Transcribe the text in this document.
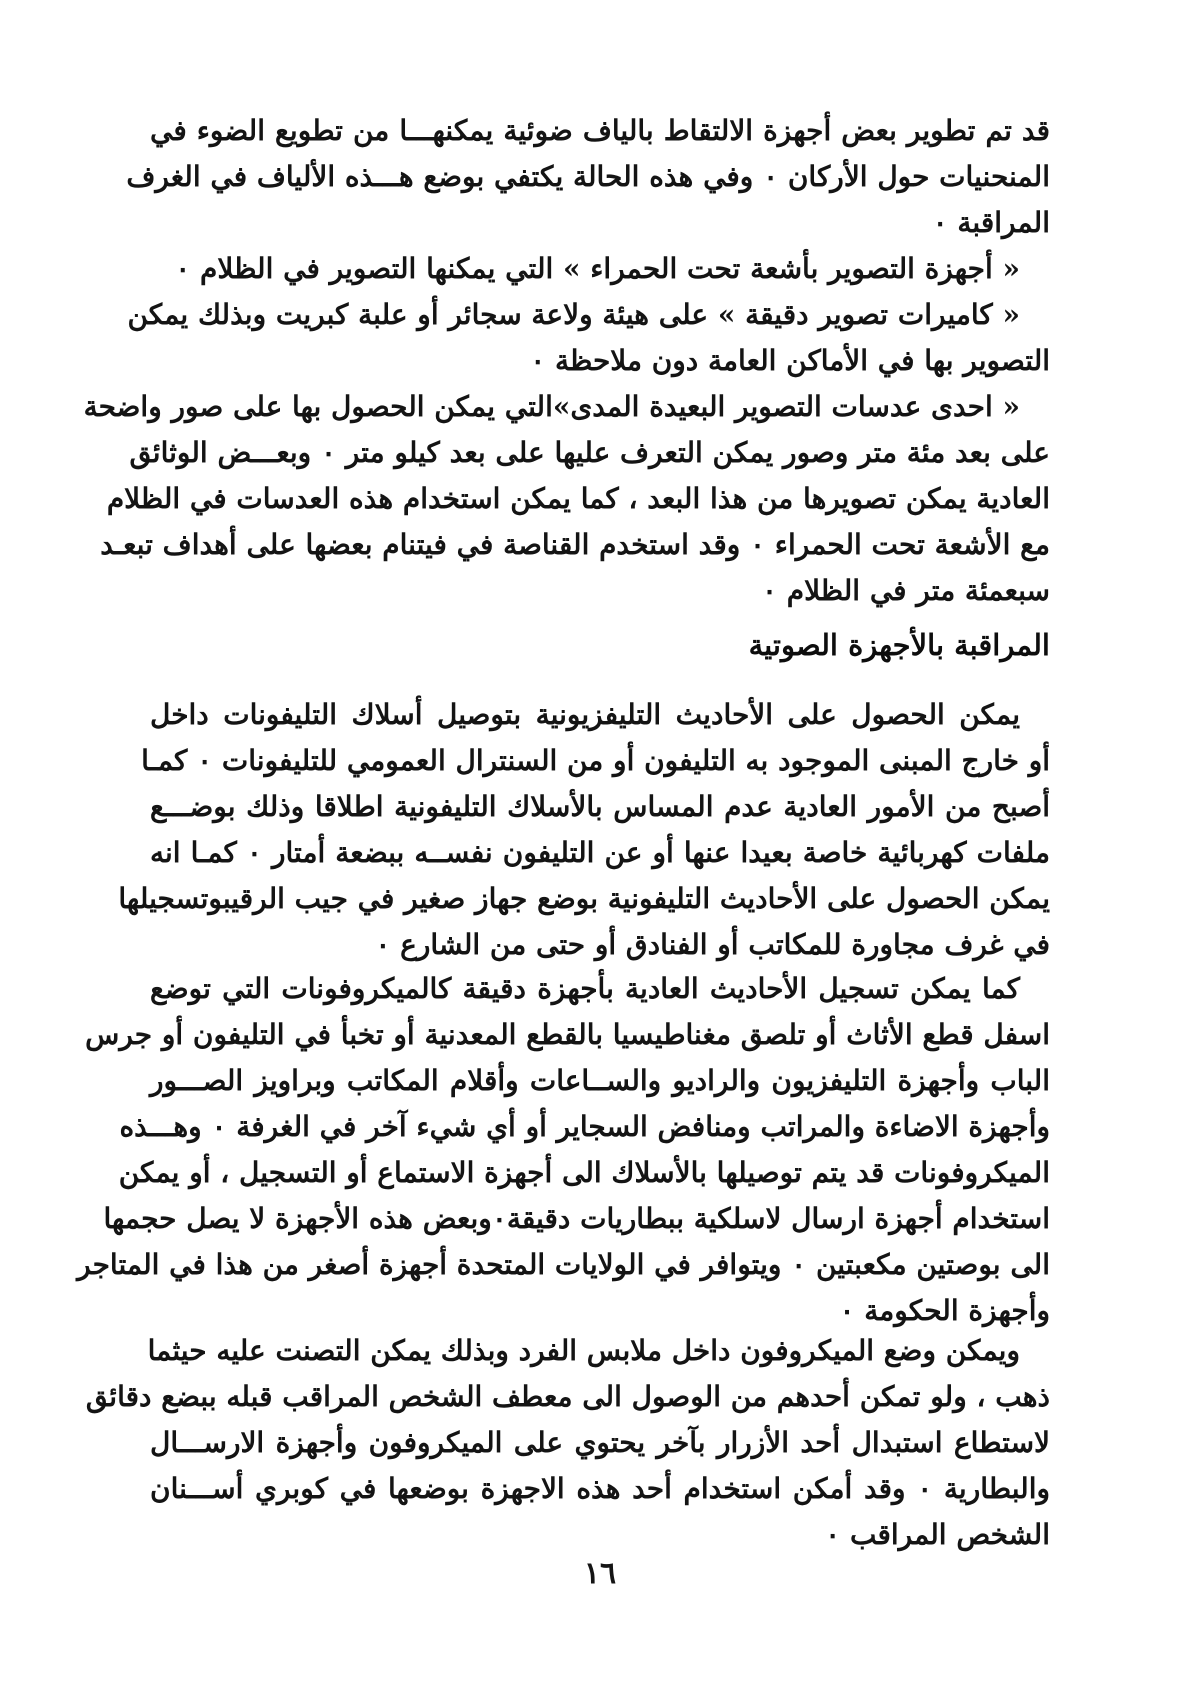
قد تم تطوير بعض أجهزة الالتقاط بالياف ضوئية يمكنهـــا من تطويع الضوء في
المنحنيات حول الأركان ٠ وفي هذه الحالة يكتفي بوضع هـــذه الألياف في الغرف
المراقبة ٠
« أجهزة التصوير بأشعة تحت الحمراء » التي يمكنها التصوير في الظلام ٠
« كاميرات تصوير دقيقة » على هيئة ولاعة سجائر أو علبة كبريت وبذلك يمكن
التصوير بها في الأماكن العامة دون ملاحظة ٠
« احدى عدسات التصوير البعيدة المدى»التي يمكن الحصول بها على صور واضحة
على بعد مئة متر وصور يمكن التعرف عليها على بعد كيلو متر ٠ وبعـــض الوثائق
العادية يمكن تصويرها من هذا البعد ، كما يمكن استخدام هذه العدسات في الظلام
مع الأشعة تحت الحمراء ٠ وقد استخدم القناصة في فيتنام بعضها على أهداف تبعـد
سبعمئة متر في الظلام ٠
المراقبة بالأجهزة الصوتية
يمكن الحصول على الأحاديث التليفزيونية بتوصيل أسلاك التليفونات داخل
أو خارج المبنى الموجود به التليفون أو من السنترال العمومي للتليفونات ٠ كمـا
أصبح من الأمور العادية عدم المساس بالأسلاك التليفونية اطلاقا وذلك بوضـــع
ملفات كهربائية خاصة بعيدا عنها أو عن التليفون نفســه ببضعة أمتار ٠ كمـا انه
يمكن الحصول على الأحاديث التليفونية بوضع جهاز صغير في جيب الرقيبوتسجيلها
في غرف مجاورة للمكاتب أو الفنادق أو حتى من الشارع ٠
كما يمكن تسجيل الأحاديث العادية بأجهزة دقيقة كالميكروفونات التي توضع
اسفل قطع الأثاث أو تلصق مغناطيسيا بالقطع المعدنية أو تخبأ في التليفون أو جرس
الباب وأجهزة التليفزيون والراديو والســاعات وأقلام المكاتب وبراويز الصـــور
وأجهزة الاضاءة والمراتب ومنافض السجاير أو أي شيء آخر في الغرفة ٠ وهـــذه
الميكروفونات قد يتم توصيلها بالأسلاك الى أجهزة الاستماع أو التسجيل ، أو يمكن
استخدام أجهزة ارسال لاسلكية ببطاريات دقيقة٠وبعض هذه الأجهزة لا يصل حجمها
الى بوصتين مكعبتين ٠ ويتوافر في الولايات المتحدة أجهزة أصغر من هذا في المتاجر
وأجهزة الحكومة ٠
ويمكن وضع الميكروفون داخل ملابس الفرد وبذلك يمكن التصنت عليه حيثما
ذهب ، ولو تمكن أحدهم من الوصول الى معطف الشخص المراقب قبله ببضع دقائق
لاستطاع استبدال أحد الأزرار بآخر يحتوي على الميكروفون وأجهزة الارســـال
والبطارية ٠ وقد أمكن استخدام أحد هذه الاجهزة بوضعها في كوبري أســـنان
الشخص المراقب ٠
١٦
